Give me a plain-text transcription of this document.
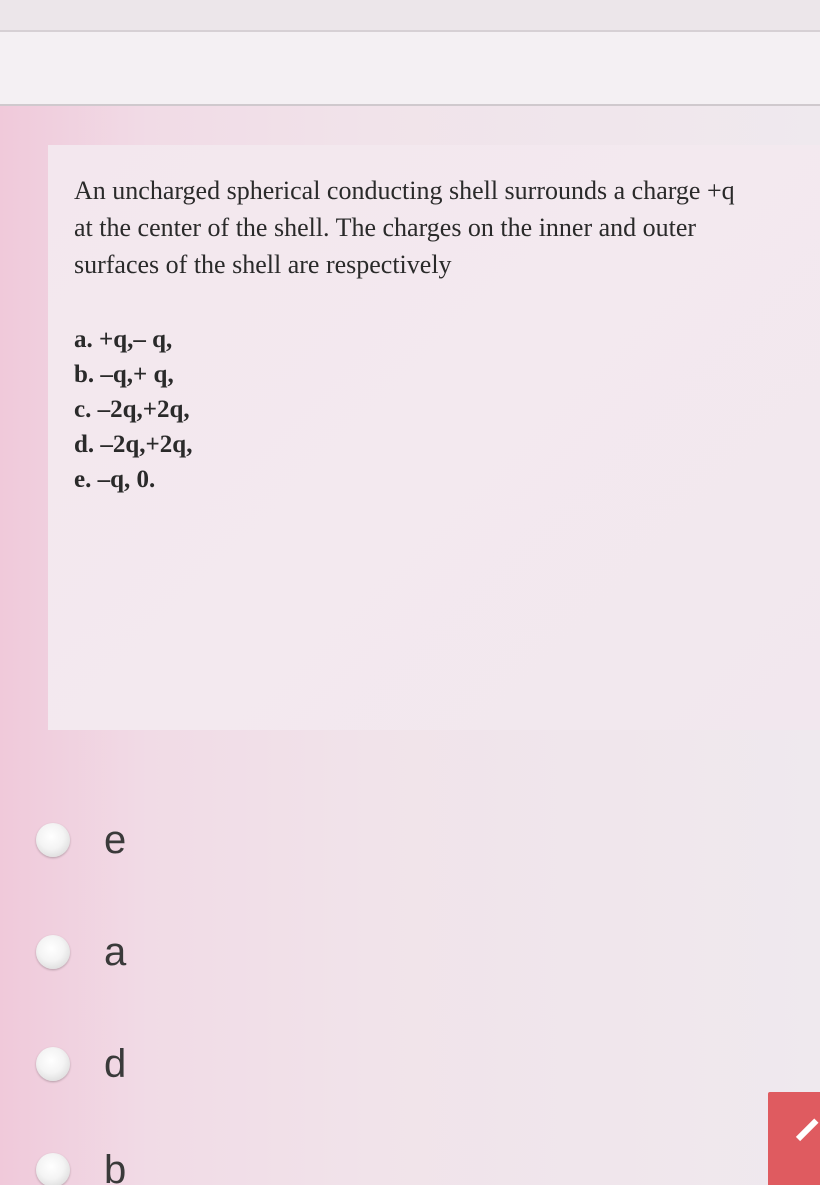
An uncharged spherical conducting shell surrounds a charge +q at the center of the shell. The charges on the inner and outer surfaces of the shell are respectively

a. +q,– q,
b. –q,+ q,
c. –2q,+2q,
d. –2q,+2q,
e. –q, 0.
e
a
d
b
